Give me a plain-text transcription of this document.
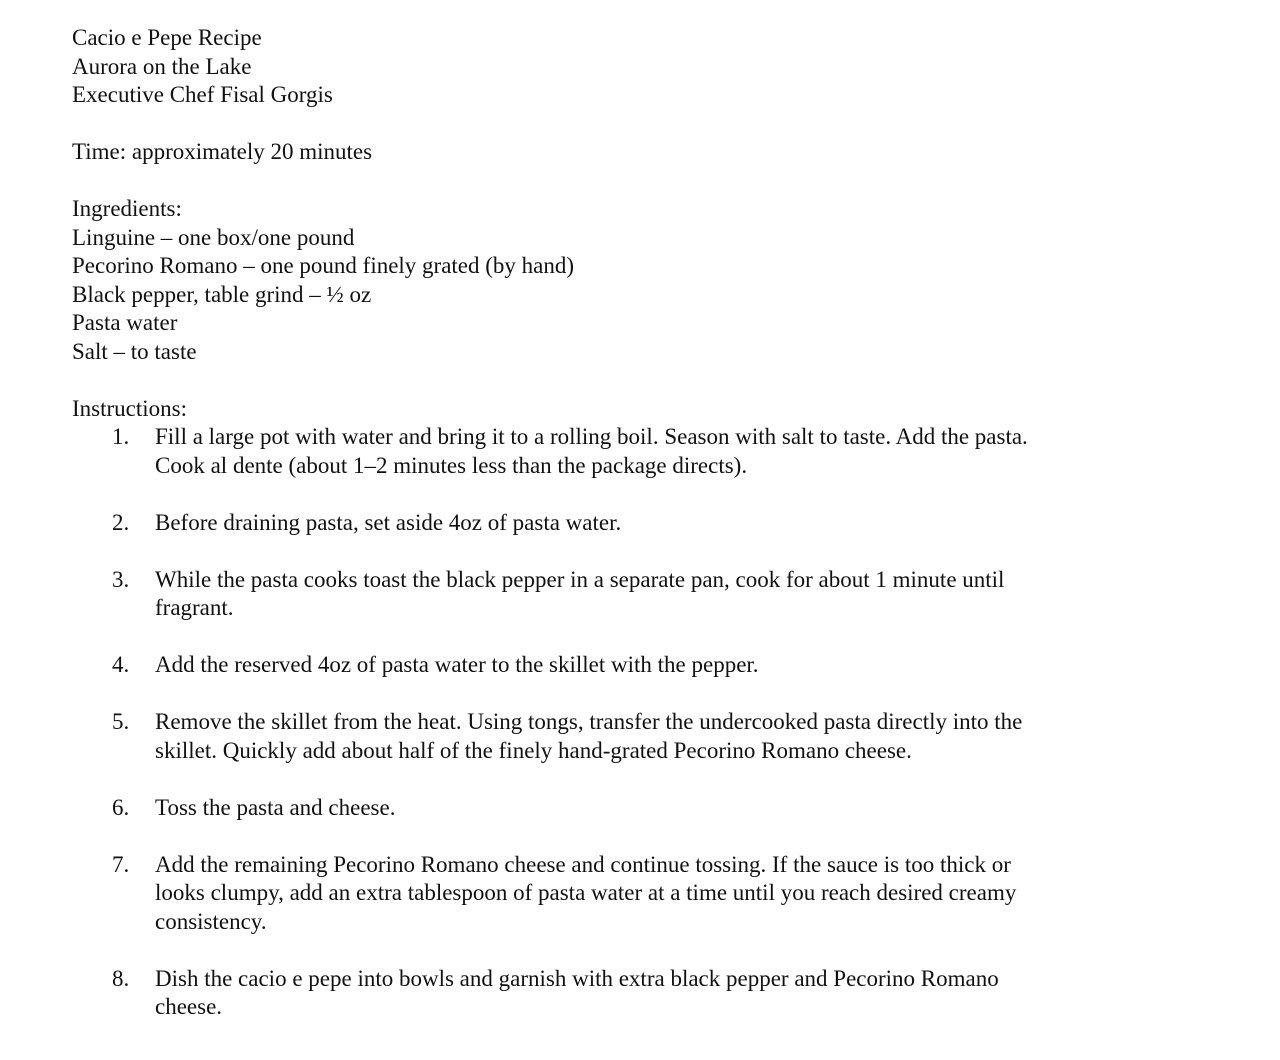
Cacio e Pepe Recipe
Aurora on the Lake
Executive Chef Fisal Gorgis
Time: approximately 20 minutes
Ingredients:
Linguine – one box/one pound
Pecorino Romano – one pound finely grated (by hand)
Black pepper, table grind – ½ oz
Pasta water
Salt – to taste
Instructions:
1. Fill a large pot with water and bring it to a rolling boil. Season with salt to taste. Add the pasta.
Cook al dente (about 1–2 minutes less than the package directs).
2. Before draining pasta, set aside 4oz of pasta water.
3. While the pasta cooks toast the black pepper in a separate pan, cook for about 1 minute until
fragrant.
4. Add the reserved 4oz of pasta water to the skillet with the pepper.
5. Remove the skillet from the heat. Using tongs, transfer the undercooked pasta directly into the
skillet. Quickly add about half of the finely hand-grated Pecorino Romano cheese.
6. Toss the pasta and cheese.
7. Add the remaining Pecorino Romano cheese and continue tossing. If the sauce is too thick or
looks clumpy, add an extra tablespoon of pasta water at a time until you reach desired creamy
consistency.
8. Dish the cacio e pepe into bowls and garnish with extra black pepper and Pecorino Romano
cheese.
